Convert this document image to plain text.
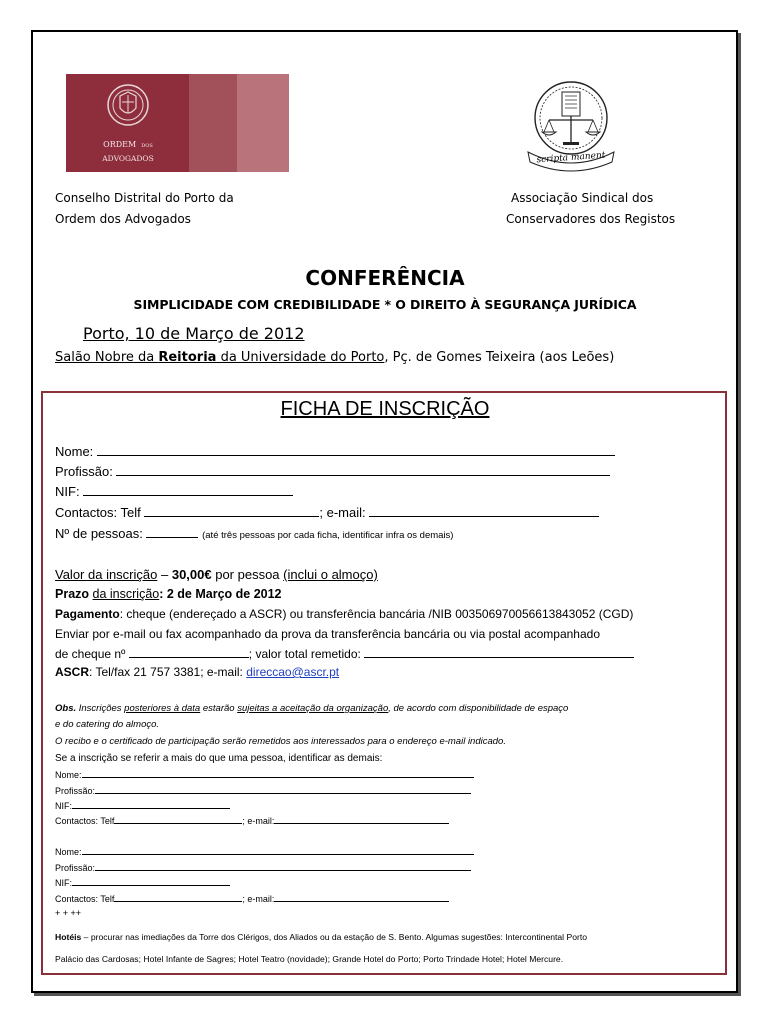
ORDEM DOS
ADVOGADOS	scripta manent
Conselho Distrital do Porto da
Ordem dos Advogados
Associação Sindical dos
Conservadores dos Registos
CONFERÊNCIA
SIMPLICIDADE COM CREDIBILIDADE * O DIREITO À SEGURANÇA JURÍDICA
Porto, 10 de Março de 2012
Salão Nobre da Reitoria da Universidade do Porto, Pç. de Gomes Teixeira (aos Leões)
FICHA DE INSCRIÇÃO
Nome:
Profissão:
NIF:
Contactos: Telf	; e-mail:
Nº de pessoas:	(até três pessoas por cada ficha, identificar infra os demais)
Valor da inscrição – 30,00€ por pessoa (inclui o almoço)
Prazo da inscrição: 2 de Março de 2012
Pagamento: cheque (endereçado a ASCR) ou transferência bancária /NIB 003506970056613843052 (CGD)
Enviar por e-mail ou fax acompanhado da prova da transferência bancária ou via postal acompanhado
de cheque nº	; valor total remetido:
ASCR: Tel/fax 21 757 3381; e-mail: direccao@ascr.pt
Obs. Inscrições posteriores à data estarão sujeitas a aceitação da organização, de acordo com disponibilidade de espaço
e do catering do almoço.
O recibo e o certificado de participação serão remetidos aos interessados para o endereço e-mail indicado.
Se a inscrição se referir a mais do que uma pessoa, identificar as demais:
Nome:
Profissão:
NIF:
Contactos: Telf	; e-mail:
Nome:
Profissão:
NIF:
Contactos: Telf	; e-mail:
+ + ++
Hotéis – procurar nas imediações da Torre dos Clérigos, dos Aliados ou da estação de S. Bento. Algumas sugestões: Intercontinental Porto
Palácio das Cardosas; Hotel Infante de Sagres; Hotel Teatro (novidade); Grande Hotel do Porto; Porto Trindade Hotel; Hotel Mercure.
